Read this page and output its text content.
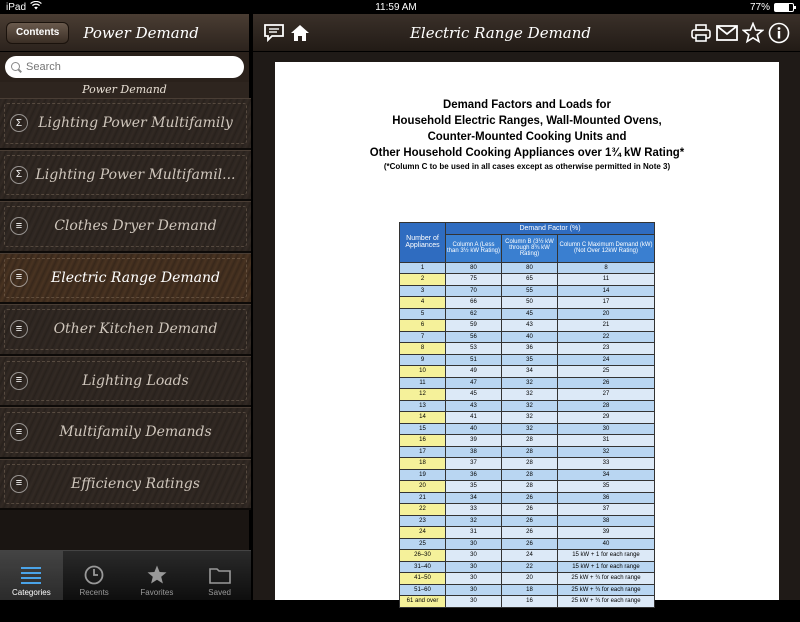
iPad	11:59 AM	77%
Contents	Power Demand
Search
Power Demand
Σ	Lighting Power Multifamily
Σ Lighting Power Multifamil...
≡	Clothes Dryer Demand
≡	Electric Range Demand
≡	Other Kitchen Demand
≡	Lighting Loads
≡	Multifamily Demands
≡	Efficiency Ratings
Categories	Recents	Favorites	Saved
Electric Range Demand
Demand Factors and Loads for
Household Electric Ranges, Wall-Mounted Ovens,
Counter-Mounted Cooking Units and
Other Household Cooking Appliances over 1¾ kW Rating*
(*Column C to be used in all cases except as otherwise permitted in Note 3)
Number of Appliances	Demand Factor (%)		
	Column A (Less than 3½ kW Rating)	Column B (3½ kW through 8¾ kW Rating)	Column C Maximum Demand (kW) (Not Over 12kW Rating)
1	80	80	8
2	75	65	11
3	70	55	14
4	66	50	17
5	62	45	20
6	59	43	21
7	56	40	22
8	53	36	23
9	51	35	24
10	49	34	25
11	47	32	26
12	45	32	27
13	43	32	28
14	41	32	29
15	40	32	30
16	39	28	31
17	38	28	32
18	37	28	33
19	36	28	34
20	35	28	35
21	34	26	36
22	33	26	37
23	32	26	38
24	31	26	39
25	30	26	40
26–30	30	24	15 kW + 1 for each range
31–40	30	22	15 kW + 1 for each range
41–50	30	20	25 kW + ¾ for each range
51–60	30	18	25 kW + ¾ for each range
61 and over	30	16	25 kW + ¾ for each range
NOTES:
